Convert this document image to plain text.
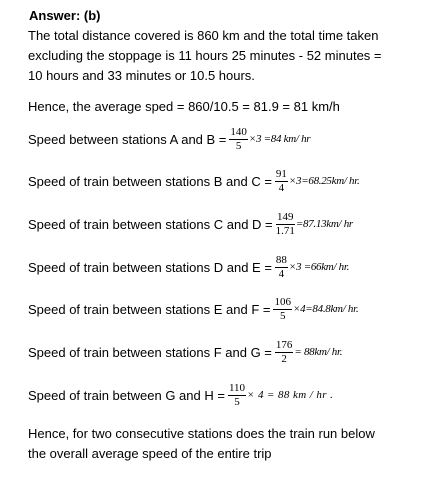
Answer: (b)
The total distance covered is 860 km and the total time taken
excluding the stoppage is 11 hours 25 minutes - 52 minutes =
10 hours and 33 minutes or 10.5 hours.
Hence, the average sped = 860/10.5 = 81.9 = 81 km/h
Speed between stations A and $B = \frac{140}{5} \times 3 =84$ km/ hr
Speed of train between stations B and $C = \frac{91}{4} \times 3=68.25km/$ hr.
Speed of train between stations C and $D = \frac{149}{1.71} =87.13km/$ hr
Speed of train between stations D and $E = \frac{88}{4} \times 3 =66km/$ hr.
Speed of train between stations E and $F = \frac{106}{5} \times 4=84.8km/$ hr.
Speed of train between stations F and $G = \frac{176}{2} = 88km/$ hr.
Speed of train between G and $H = \frac{110}{5} \times 4 = 88$ km / hr .
Hence, for two consecutive stations does the train run below
the overall average speed of the entire trip
